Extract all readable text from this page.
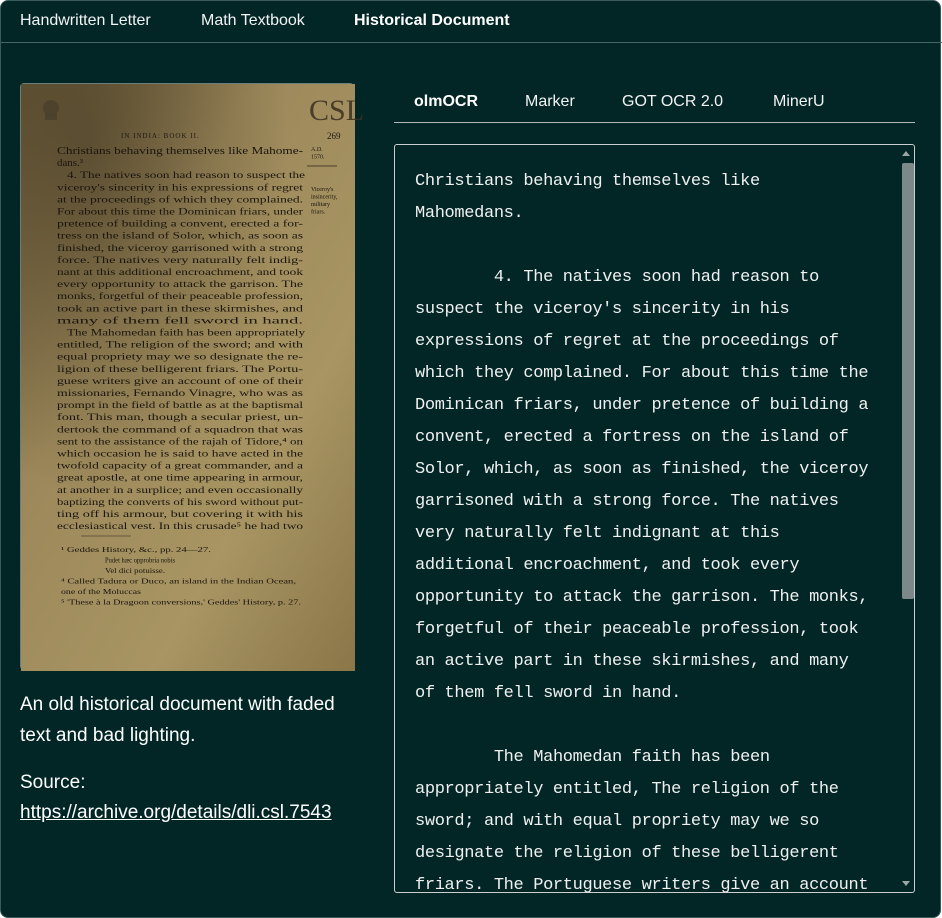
Handwritten Letter	Math Textbook	Historical Document
CSL
IN INDIA: BOOK II.	269
A.D.
1570.
Viceroy's
insincerity,
military
friars.
Christians behaving themselves like Mahome-
dans.³
4. The natives soon had reason to suspect the
viceroy's sincerity in his expressions of regret
at the proceedings of which they complained.
For about this time the Dominican friars, under
pretence of building a convent, erected a for-
tress on the island of Solor, which, as soon as
finished, the viceroy garrisoned with a strong
force. The natives very naturally felt indig-
nant at this additional encroachment, and took
every opportunity to attack the garrison. The
monks, forgetful of their peaceable profession,
took an active part in these skirmishes, and
many of them fell sword in hand.
The Mahomedan faith has been appropriately
entitled, The religion of the sword; and with
equal propriety may we so designate the re-
ligion of these belligerent friars. The Portu-
guese writers give an account of one of their
missionaries, Fernando Vinagre, who was as
prompt in the field of battle as at the baptismal
font. This man, though a secular priest, un-
dertook the command of a squadron that was
sent to the assistance of the rajah of Tidore,⁴ on
which occasion he is said to have acted in the
twofold capacity of a great commander, and a
great apostle, at one time appearing in armour,
at another in a surplice; and even occasionally
baptizing the converts of his sword without put-
ting off his armour, but covering it with his
ecclesiastical vest. In this crusade⁵ he had two
¹ Geddes History, &c., pp. 24—27.
Pudet hæc opprobria nobis
Vel dici potuisse.
⁴ Called Tadura or Duco, an island in the Indian Ocean,
one of the Moluccas
⁵ 'These à la Dragoon conversions,' Geddes' History, p. 27.
An old historical document with faded text and bad lighting.
Source:
https://archive.org/details/dli.csl.7543
olmOCR	Marker	GOT OCR 2.0	MinerU
Christians behaving themselves like
Mahomedans.

4. The natives soon had reason to
suspect the viceroy's sincerity in his
expressions of regret at the proceedings of
which they complained. For about this time the
Dominican friars, under pretence of building a
convent, erected a fortress on the island of
Solor, which, as soon as finished, the viceroy
garrisoned with a strong force. The natives
very naturally felt indignant at this
additional encroachment, and took every
opportunity to attack the garrison. The monks,
forgetful of their peaceable profession, took
an active part in these skirmishes, and many
of them fell sword in hand.

The Mahomedan faith has been
appropriately entitled, The religion of the
sword; and with equal propriety may we so
designate the religion of these belligerent
friars. The Portuguese writers give an account
